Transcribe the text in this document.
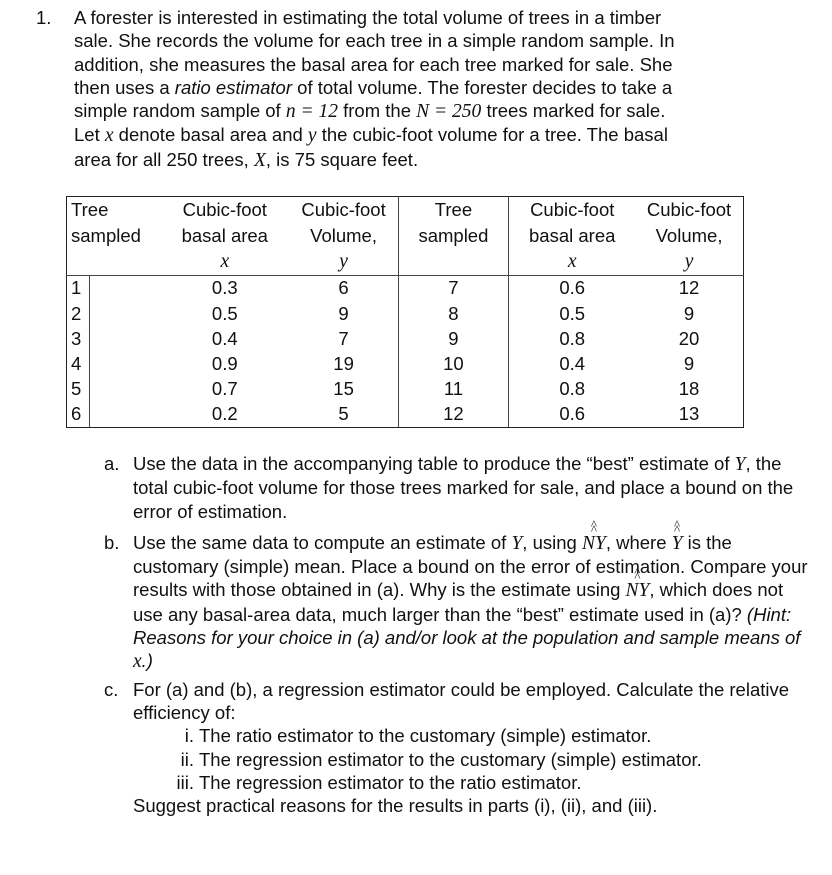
1. A forester is interested in estimating the total volume of trees in a timber
sale. She records the volume for each tree in a simple random sample. In
addition, she measures the basal area for each tree marked for sale. She
then uses a ratio estimator of total volume. The forester decides to take a
simple random sample of n = 12 from the N = 250 trees marked for sale.
Let x denote basal area and y the cubic-foot volume for a tree. The basal
area for all 250 trees, X, is 75 square feet.
Tree		Cubic-foot	Cubic-foot	Tree	Cubic-foot	Cubic-foot
sampled		basal area	Volume,	sampled	basal area	Volume,
		x	y		x	y
1		0.3	6	7	0.6	12
2		0.5	9	8	0.5	9
3		0.4	7	9	0.8	20
4		0.9	19	10	0.4	9
5		0.7	15	11	0.8	18
6		0.2	5	12	0.6	13
a. Use the data in the accompanying table to produce the “best” estimate of Y, the total cubic-foot volume for those trees marked for sale, and place a bound on the error of estimation.
b. Use the same data to compute an estimate of Y, using ^ NY ^, where ^ Y ^ is the customary (simple) mean. Place a bound on the error of estimation. Compare your results with those obtained in (a). Why is the estimate using ^ NY ^, which does not use any basal-area data, much larger than the “best” estimate used in (a)? (Hint: Reasons for your choice in (a) and/or look at the population and sample means of x.)
c. For (a) and (b), a regression estimator could be employed. Calculate the relative efficiency of:
i. The ratio estimator to the customary (simple) estimator.
ii. The regression estimator to the customary (simple) estimator.
iii. The regression estimator to the ratio estimator.
Suggest practical reasons for the results in parts (i), (ii), and (iii).
